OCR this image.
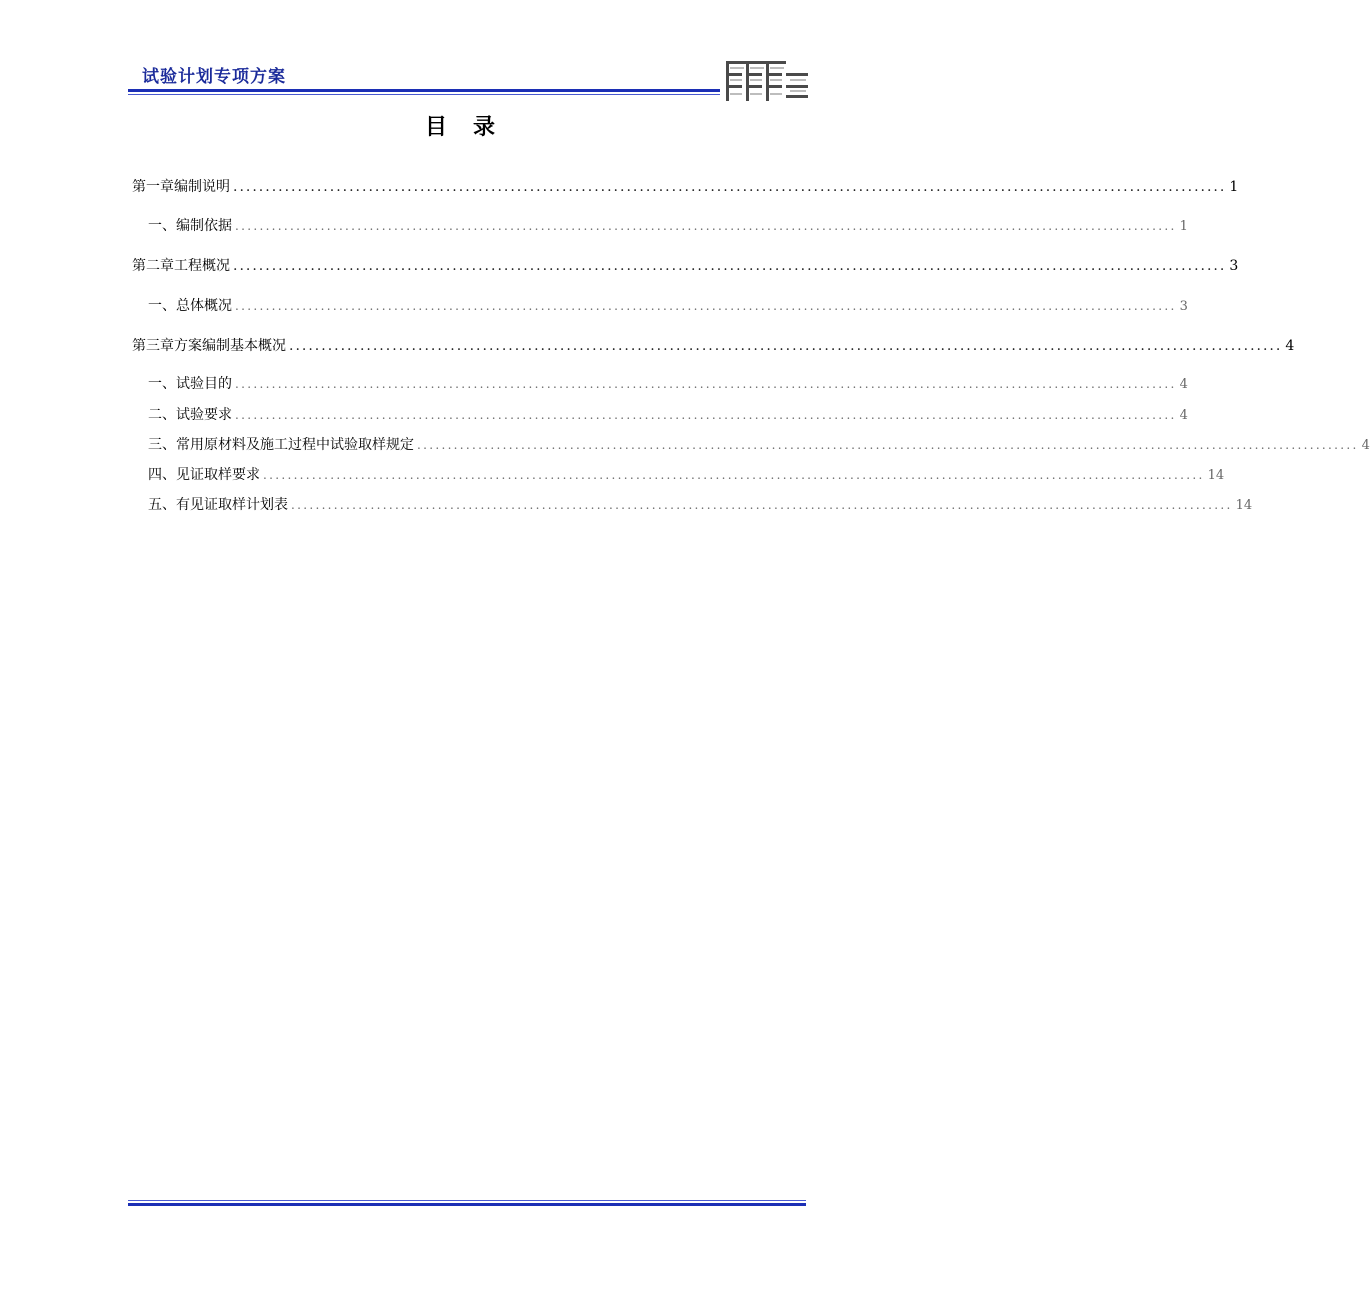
试验计划专项方案
目录
第一章 编制说明 .......................................................................................................................................................... 1
一、 编制依据 .......................................................................................................................................................... 1
第二章 工程概况 .......................................................................................................................................................... 3
一、 总体概况 .......................................................................................................................................................... 3
第三章 方案编制基本概况 .......................................................................................................................................................... 4
一、试验目的 .......................................................................................................................................................... 4
二、试验要求 .......................................................................................................................................................... 4
三、常用原材料及施工过程中试验取样规定 .......................................................................................................................................................... 4
四、见证取样要求 .......................................................................................................................................................... 14
五、有见证取样计划表 .......................................................................................................................................................... 14
